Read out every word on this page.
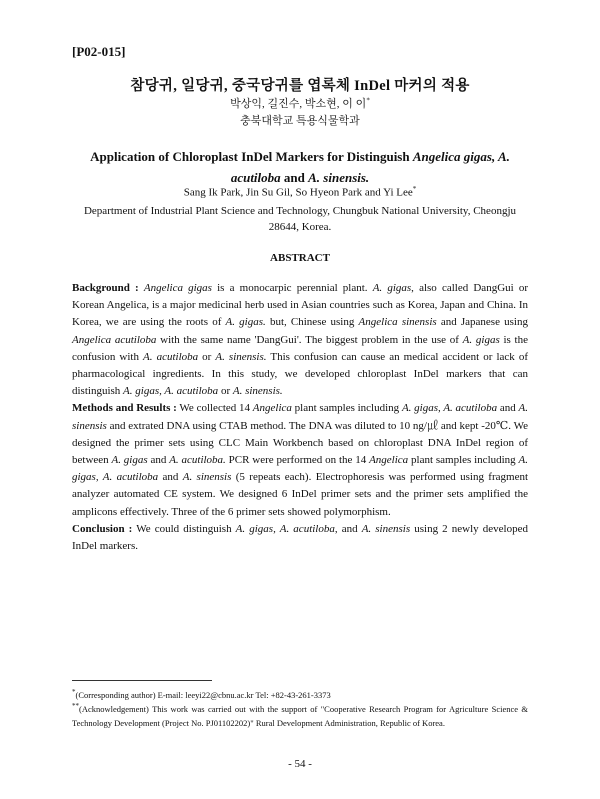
[P02-015]
참당귀, 일당귀, 중국당귀를 엽록체 InDel 마커의 적용
박상익, 길진수, 박소현, 이 이*
충북대학교 특용식물학과
Application of Chloroplast InDel Markers for Distinguish Angelica gigas, A. acutiloba and A. sinensis.
Sang Ik Park, Jin Su Gil, So Hyeon Park and Yi Lee*
Department of Industrial Plant Science and Technology, Chungbuk National University, Cheongju 28644, Korea.
ABSTRACT

Background : Angelica gigas is a monocarpic perennial plant. A. gigas, also called DangGui or Korean Angelica, is a major medicinal herb used in Asian countries such as Korea, Japan and China. In Korea, we are using the roots of A. gigas. but, Chinese using Angelica sinensis and Japanese using Angelica acutiloba with the same name 'DangGui'. The biggest problem in the use of A. gigas is the confusion with A. acutiloba or A. sinensis. This confusion can cause an medical accident or lack of pharmacological ingredients. In this study, we developed chloroplast InDel markers that can distinguish A. gigas, A. acutiloba or A. sinensis.

Methods and Results : We collected 14 Angelica plant samples including A. gigas, A. acutiloba and A. sinensis and extrated DNA using CTAB method. The DNA was diluted to 10 ng/㎕ and kept -20℃. We designed the primer sets using CLC Main Workbench based on chloroplast DNA InDel region of between A. gigas and A. acutiloba. PCR were performed on the 14 Angelica plant samples including A. gigas, A. acutiloba and A. sinensis (5 repeats each). Electrophoresis was performed using fragment analyzer automated CE system. We designed 6 InDel primer sets and the primer sets amplified the amplicons effectively. Three of the 6 primer sets showed polymorphism.

Conclusion : We could distinguish A. gigas, A. acutiloba, and A. sinensis using 2 newly developed InDel markers.

*(Corresponding author) E-mail: leeyi22@cbnu.ac.kr Tel: +82-43-261-3373
**(Acknowledgement) This work was carried out with the support of "Cooperative Research Program for Agriculture Science & Technology Development (Project No. PJ01102202)" Rural Development Administration, Republic of Korea.
- 54 -
